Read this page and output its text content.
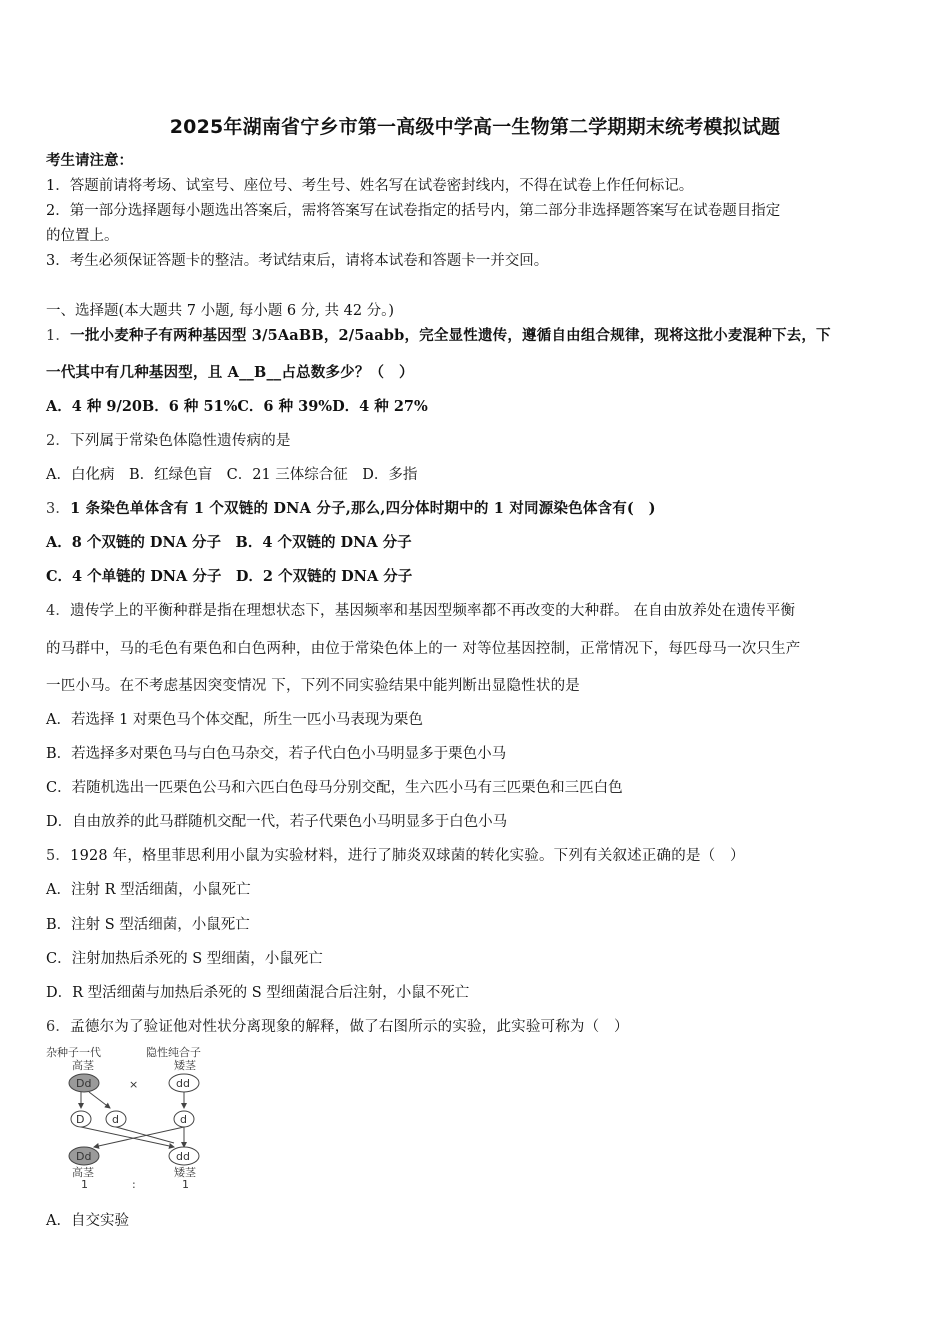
2025年湖南省宁乡市第一高级中学高一生物第二学期期末统考模拟试题
考生请注意：
1．答题前请将考场、试室号、座位号、考生号、姓名写在试卷密封线内，不得在试卷上作任何标记。
2．第一部分选择题每小题选出答案后，需将答案写在试卷指定的括号内，第二部分非选择题答案写在试卷题目指定
的位置上。
3．考生必须保证答题卡的整洁。考试结束后，请将本试卷和答题卡一并交回。
一、选择题(本大题共 7 小题, 每小题 6 分, 共 42 分。)
1．一批小麦种子有两种基因型 3/5AaBB，2/5aabb，完全显性遗传，遵循自由组合规律，现将这批小麦混种下去，下
一代其中有几种基因型，且 A__B__占总数多少？（　）
A．4 种 9/20B．6 种 51%C．6 种 39%D．4 种 27%
2．下列属于常染色体隐性遗传病的是
A．白化病　B．红绿色盲　C．21 三体综合征　D．多指
3．1 条染色单体含有 1 个双链的 DNA 分子,那么,四分体时期中的 1 对同源染色体含有(　)
A．8 个双链的 DNA 分子　B．4 个双链的 DNA 分子
C．4 个单链的 DNA 分子　D．2 个双链的 DNA 分子
4．遗传学上的平衡种群是指在理想状态下，基因频率和基因型频率都不再改变的大种群。 在自由放养处在遗传平衡
的马群中，马的毛色有栗色和白色两种，由位于常染色体上的一 对等位基因控制，正常情况下，每匹母马一次只生产
一匹小马。在不考虑基因突变情况 下，下列不同实验结果中能判断出显隐性状的是
A．若选择 1 对栗色马个体交配，所生一匹小马表现为栗色
B．若选择多对栗色马与白色马杂交，若子代白色小马明显多于栗色小马
C．若随机选出一匹栗色公马和六匹白色母马分别交配，生六匹小马有三匹栗色和三匹白色
D．自由放养的此马群随机交配一代，若子代栗色小马明显多于白色小马
5．1928 年，格里菲思利用小鼠为实验材料，进行了肺炎双球菌的转化实验。下列有关叙述正确的是（　）
A．注射 R 型活细菌，小鼠死亡
B．注射 S 型活细菌，小鼠死亡
C．注射加热后杀死的 S 型细菌，小鼠死亡
D．R 型活细菌与加热后杀死的 S 型细菌混合后注射，小鼠不死亡
6．孟德尔为了验证他对性状分离现象的解释，做了右图所示的实验，此实验可称为（　）
杂种子一代	隐性纯合子
高茎	矮茎
Dd	×	dd
D	d	d
Dd	dd
高茎	矮茎
1	:	1
A．自交实验
